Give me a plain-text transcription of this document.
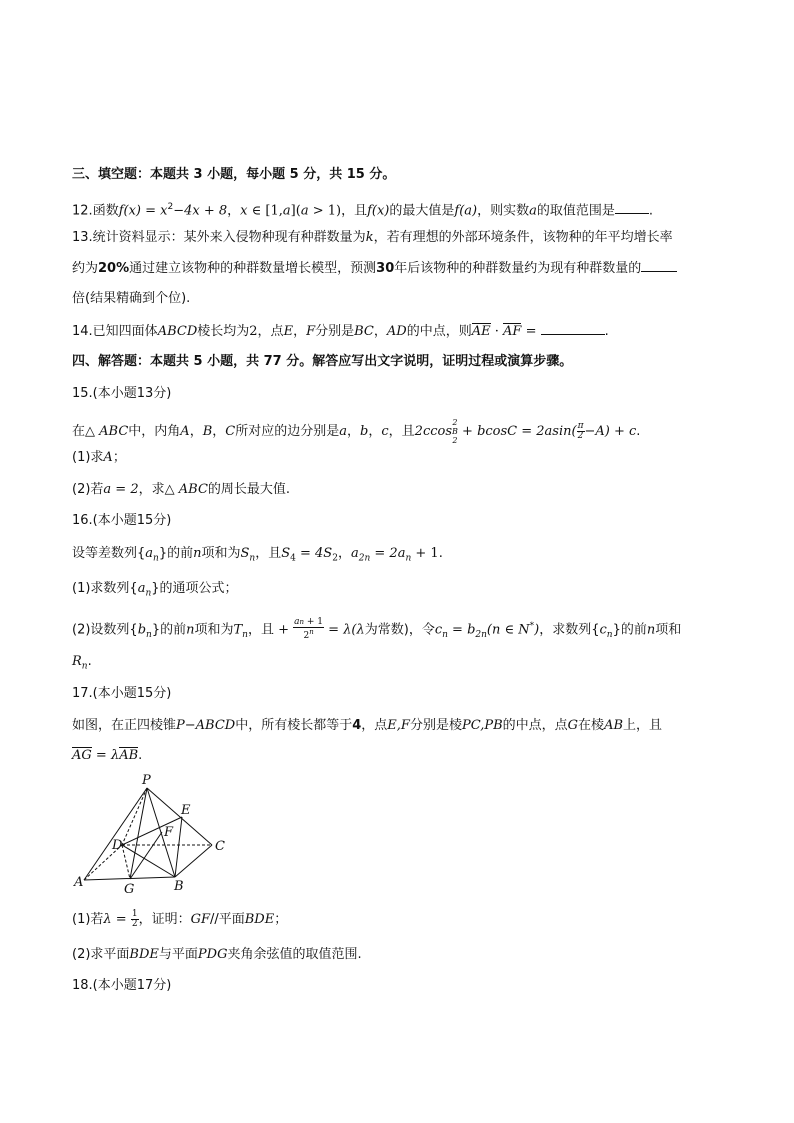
三、填空题：本题共 3 小题，每小题 5 分，共 15 分。
12.函数$f(x) = x^2-4x + 8$，x ∈ [1,a](a > 1)，且f(x)的最大值是f(a)，则实数a的取值范围是	.
13.统计资料显示：某外来入侵物种现有种群数量为k，若有理想的外部环境条件，该物种的年平均增长率
约为20%通过建立该物种的种群数量增长模型，预测30年后该物种的种群数量约为现有种群数量的
倍(结果精确到个位).
14.已知四面体ABCD棱长均为2，点E，F分别是BC，AD的中点，则AE · AF =	.
四、解答题：本题共 5 小题，共 77 分。解答应写出文字说明，证明过程或演算步骤。
15.(本小题13分)
在△ ABC中，内角A，B，C所对应的边分别是a，b，c，且2ccos
2
B
2
+ $bcosC = 2asin( \frac{\pi}{2} -A) + c$.
(1)求A；
(2)若a = 2，求△ ABC的周长最大值.
16.(本小题15分)
设等差数列$\{a_n\}$的前n项和为$S_n$，且$S_4 = 4S_2$，$a_{2n} = 2a_n + 1$.
(1)求数列$\{a_n\}$的通项公式；
(2)设数列$\{b_n\}$的前n项和为$T_n$，且 + $\frac{an + 1}{2^n} = \lambda(\lambda$为常数)，令$c_n = b_{2n}(n$ ∈ N*)，求数列$\{c_n\}$的前n项和
$R_n$.
17.(本小题15分)
如图，在正四棱锥P−ABCD中，所有棱长都等于4，点E,F分别是棱PC,PB的中点，点G在棱AB上，且
AG = λAB.
P
E
F
D	C
A	G	B
(1)若$\lambda = \frac{1}{2}$ ，证明：GF//平面BDE；
(2)求平面BDE与平面PDG夹角余弦值的取值范围.
18.(本小题17分)
